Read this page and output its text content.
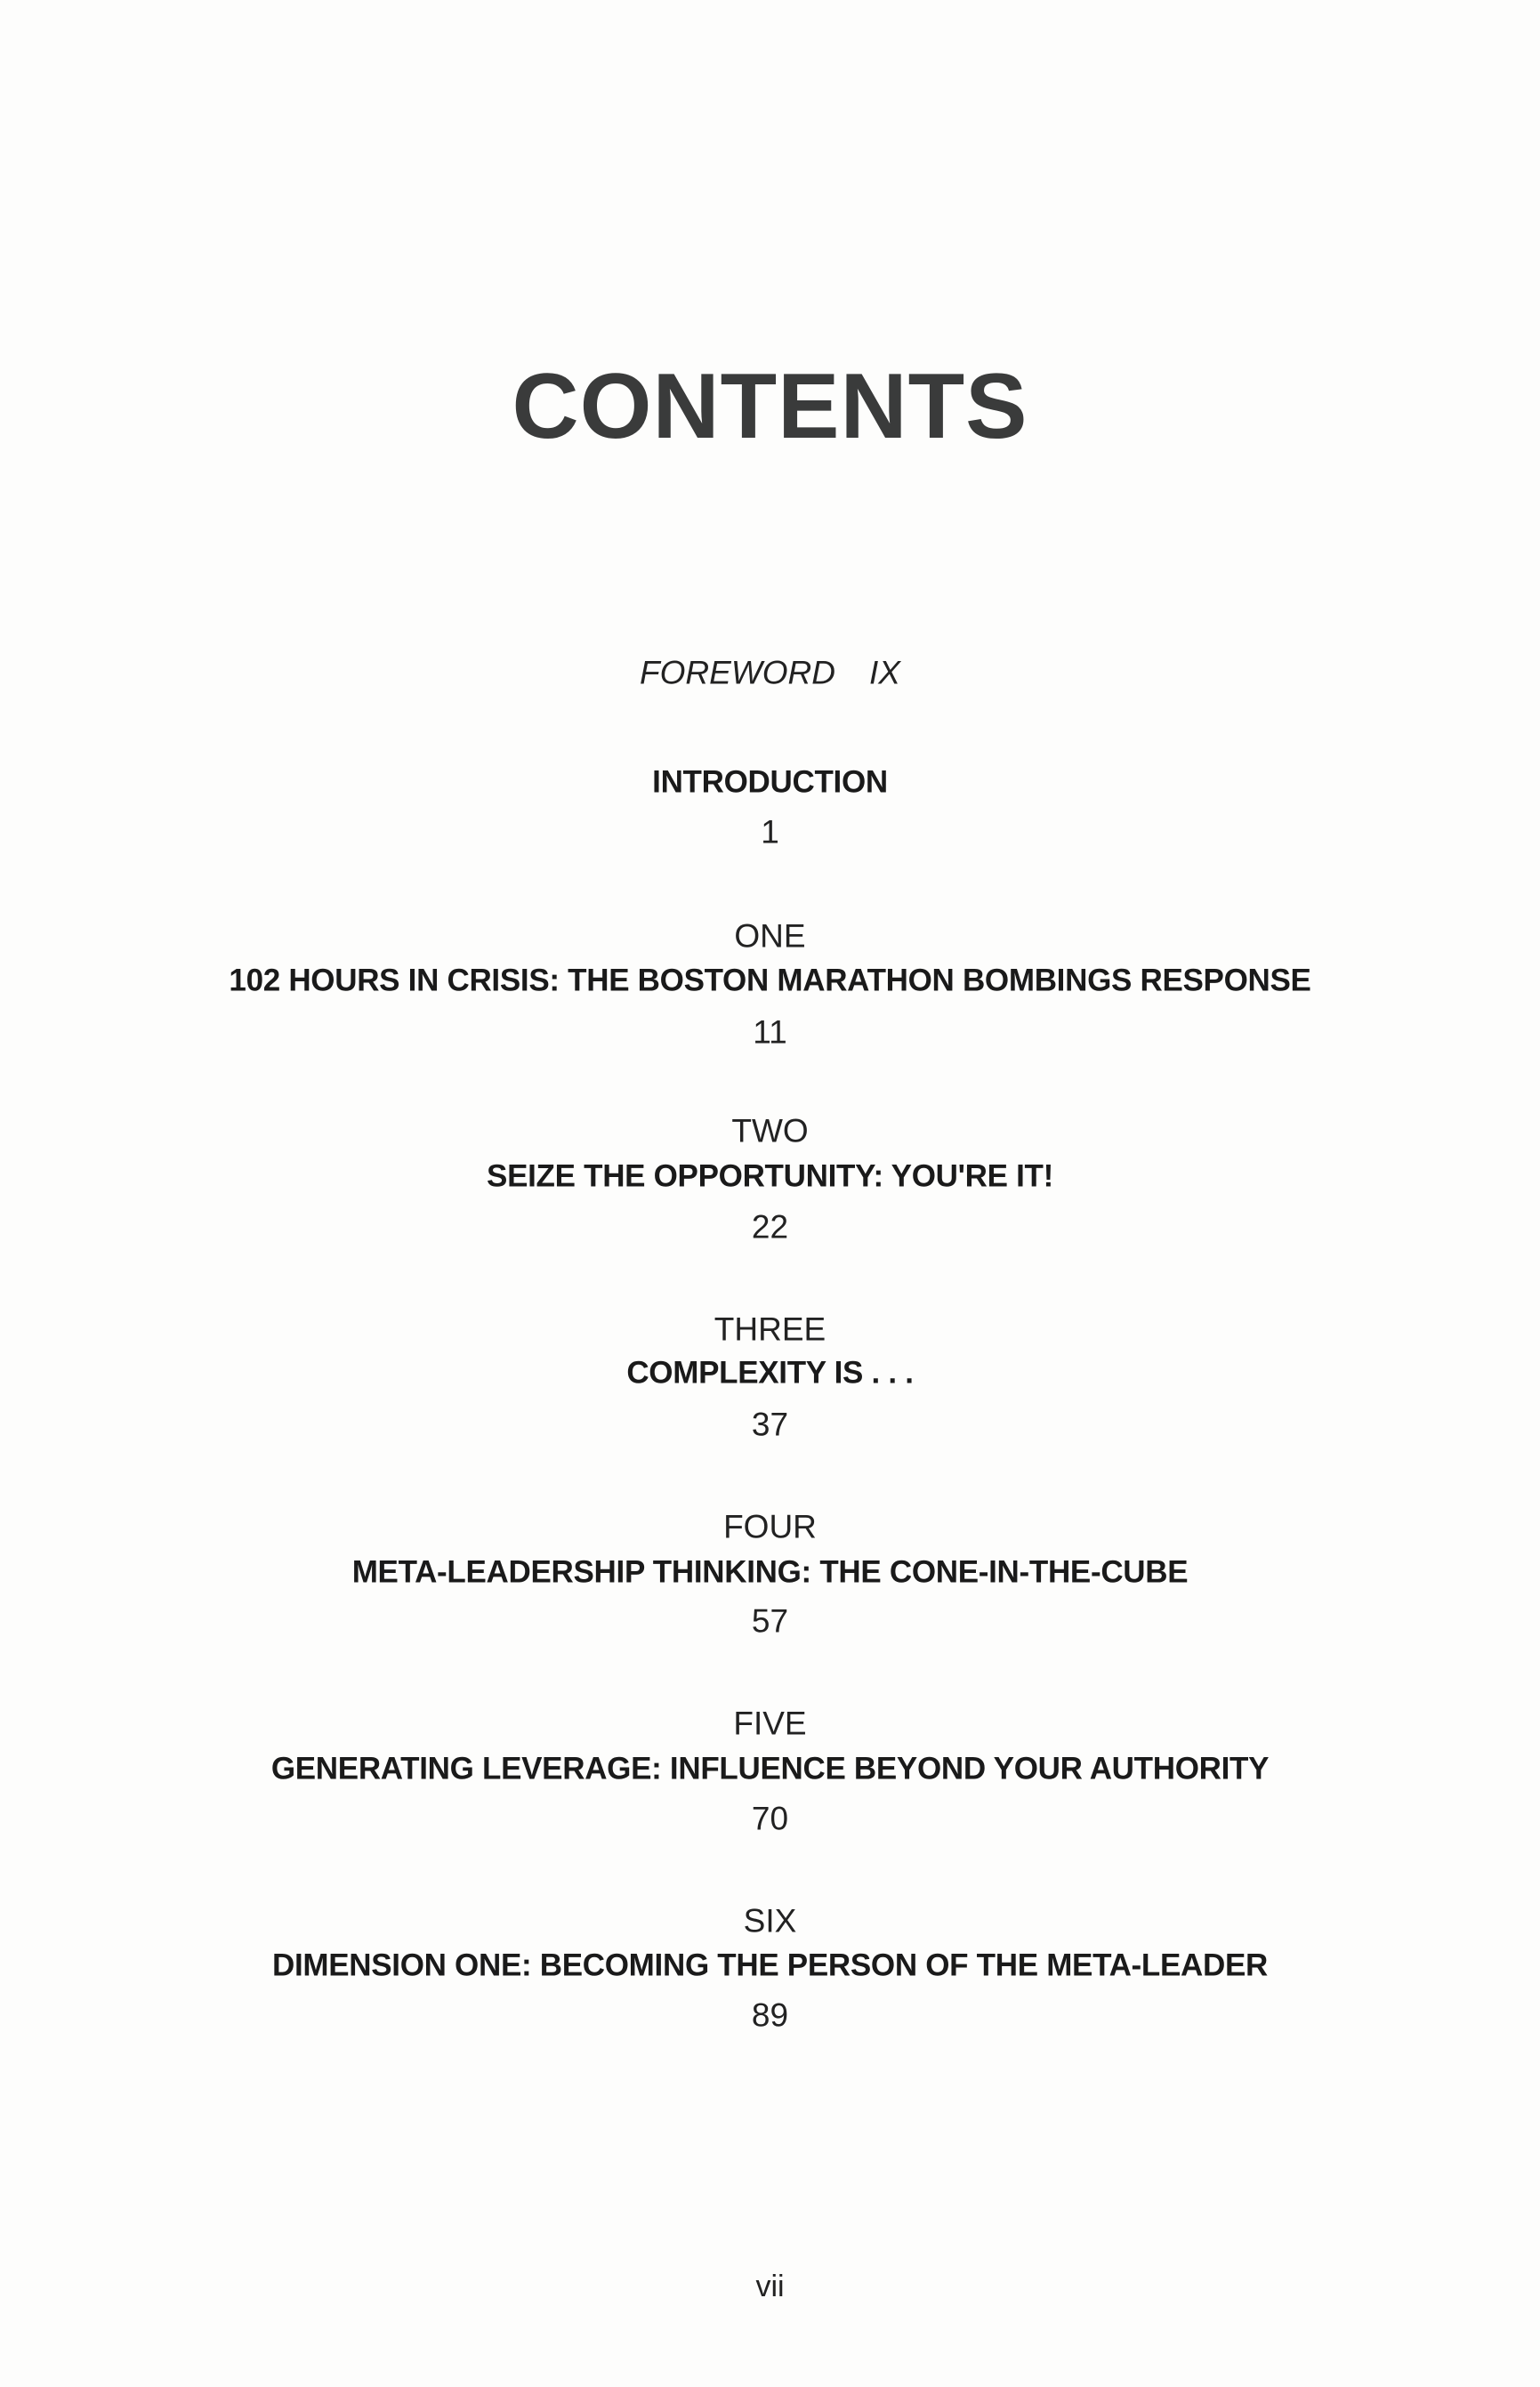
CONTENTS
FOREWORD IX
INTRODUCTION
1
ONE
102 HOURS IN CRISIS: THE BOSTON MARATHON BOMBINGS RESPONSE
11
TWO
SEIZE THE OPPORTUNITY: YOU'RE IT!
22
THREE
COMPLEXITY IS . . .
37
FOUR
META-LEADERSHIP THINKING: THE CONE-IN-THE-CUBE
57
FIVE
GENERATING LEVERAGE: INFLUENCE BEYOND YOUR AUTHORITY
70
SIX
DIMENSION ONE: BECOMING THE PERSON OF THE META-LEADER
89
vii
